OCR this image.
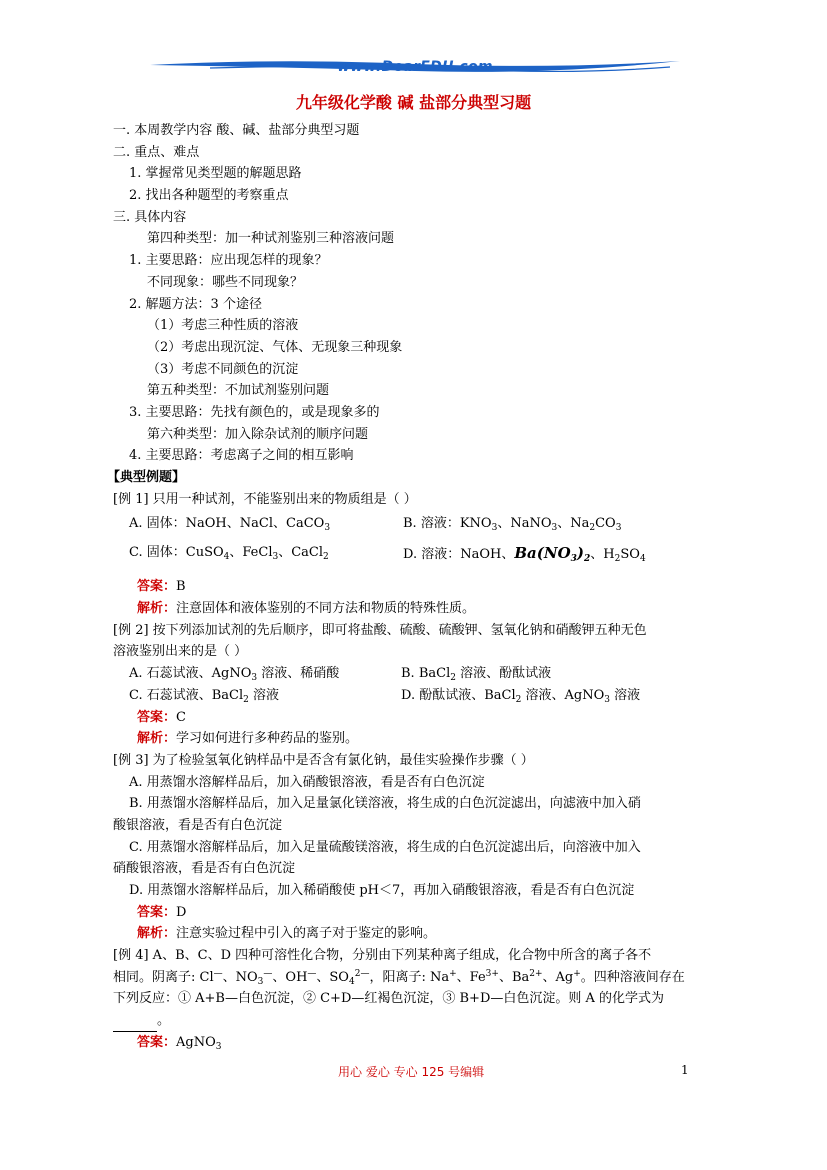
www.DearEDU.com
九年级化学酸 碱 盐部分典型习题
一. 本周教学内容 酸、碱、盐部分典型习题
二. 重点、难点
1. 掌握常见类型题的解题思路
2. 找出各种题型的考察重点
三. 具体内容
第四种类型：加一种试剂鉴别三种溶液问题
1. 主要思路：应出现怎样的现象？
不同现象：哪些不同现象？
2. 解题方法：3 个途径
（1）考虑三种性质的溶液
（2）考虑出现沉淀、气体、无现象三种现象
（3）考虑不同颜色的沉淀
第五种类型：不加试剂鉴别问题
3. 主要思路：先找有颜色的，或是现象多的
第六种类型：加入除杂试剂的顺序问题
4. 主要思路：考虑离子之间的相互影响
【典型例题】
[例 1] 只用一种试剂，不能鉴别出来的物质组是（ ）
A. 固体：NaOH、NaCl、CaCO$_3$	B. 溶液：$KNO_3$、NaNO$_3$、$Na_2CO_3$
C. 固体：CuSO$_4$、FeCl$_3$、CaCl$_2$	D. 溶液：NaOH、$Ba(NO_3)_2$、$H_2SO_4$
答案：B
解析：注意固体和液体鉴别的不同方法和物质的特殊性质。
[例 2] 按下列添加试剂的先后顺序，即可将盐酸、硫酸、硫酸钾、氢氧化钠和硝酸钾五种无色
溶液鉴别出来的是（ ）
A. 石蕊试液、AgNO$_3$ 溶液、稀硝酸	B. BaCl$_2$ 溶液、酚酞试液
C. 石蕊试液、BaCl$_2$ 溶液	D. 酚酞试液、BaCl$_2$ 溶液、AgNO$_3$ 溶液
答案：C
解析：学习如何进行多种药品的鉴别。
[例 3] 为了检验氢氧化钠样品中是否含有氯化钠，最佳实验操作步骤（ ）
A. 用蒸馏水溶解样品后，加入硝酸银溶液，看是否有白色沉淀
B. 用蒸馏水溶解样品后，加入足量氯化镁溶液，将生成的白色沉淀滤出，向滤液中加入硝
酸银溶液，看是否有白色沉淀
C. 用蒸馏水溶解样品后，加入足量硫酸镁溶液，将生成的白色沉淀滤出后，向溶液中加入
硝酸银溶液，看是否有白色沉淀
D. 用蒸馏水溶解样品后，加入稀硝酸使 pH＜7，再加入硝酸银溶液，看是否有白色沉淀
答案：D
解析：注意实验过程中引入的离子对于鉴定的影响。
[例 4] A、B、C、D 四种可溶性化合物，分别由下列某种离子组成，化合物中所含的离子各不
相同。阴离子: Cl—、$NO_3^—$、OH—、$SO_4^{2—}$，阳离子: Na+、$Fe^{3+}$、$Ba^{2+}$、Ag+。四种溶液间存在
下列反应：① A+B—白色沉淀，② C+D—红褐色沉淀，③ B+D—白色沉淀。则 A 的化学式为
。
答案：AgNO$_3$
用心 爱心 专心 125 号编辑	1
